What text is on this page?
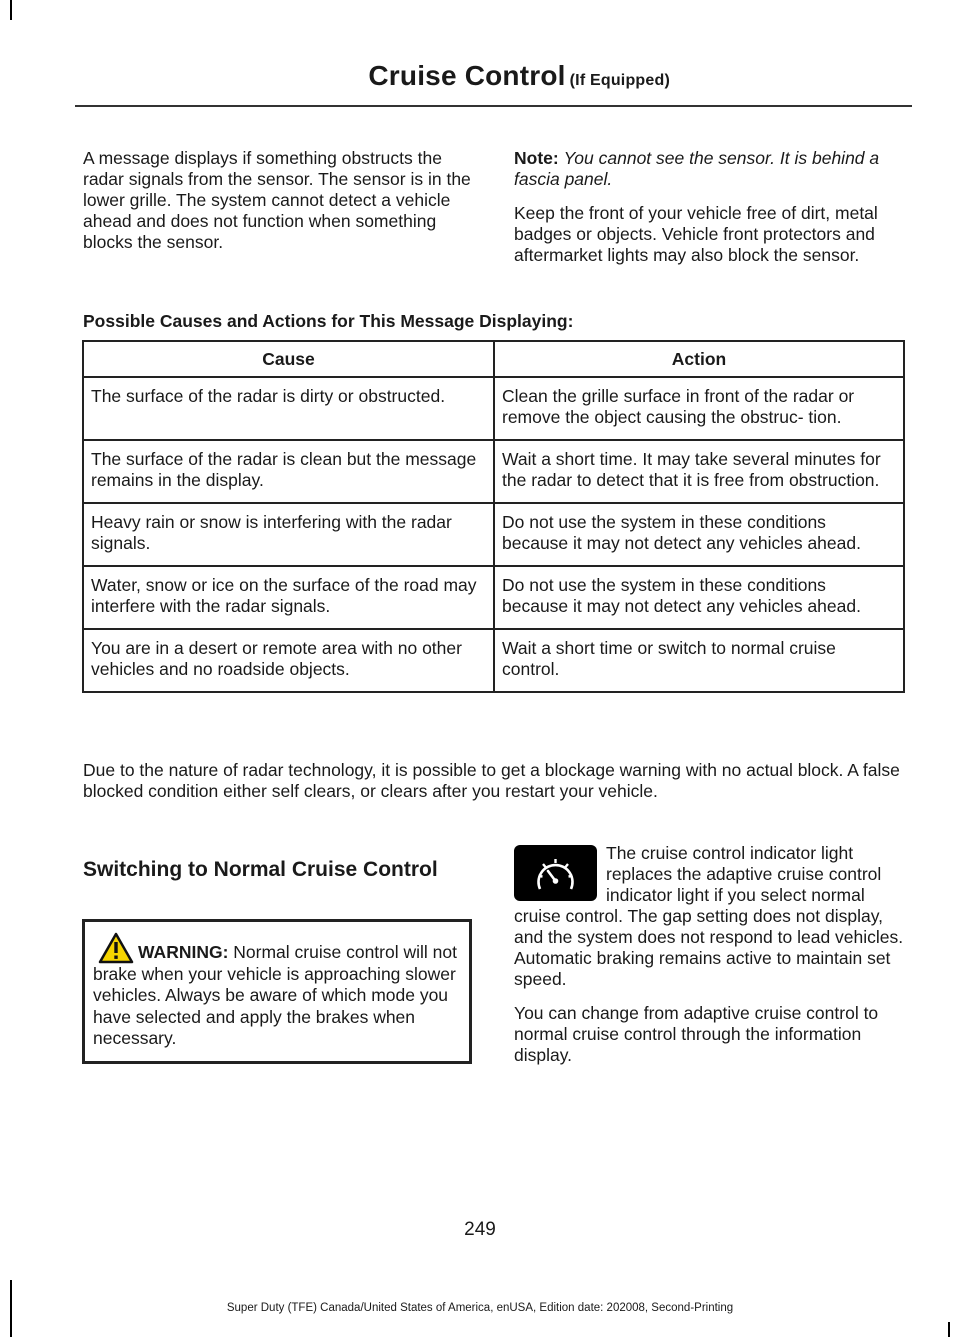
Cruise Control (If Equipped)

A message displays if something obstructs the radar signals from the sensor. The sensor is in the lower grille. The system cannot detect a vehicle ahead and does not function when something blocks the sensor.

Note: You cannot see the sensor. It is behind a fascia panel.

Keep the front of your vehicle free of dirt, metal badges or objects. Vehicle front protectors and aftermarket lights may also block the sensor.

Possible Causes and Actions for This Message Displaying:
Cause	Action
The surface of the radar is dirty or obstructed.	Clean the grille surface in front of the radar or remove the object causing the obstruc- tion.
The surface of the radar is clean but the message remains in the display.	Wait a short time. It may take several minutes for the radar to detect that it is free from obstruction.
Heavy rain or snow is interfering with the radar signals.	Do not use the system in these conditions because it may not detect any vehicles ahead.
Water, snow or ice on the surface of the road may interfere with the radar signals.	Do not use the system in these conditions because it may not detect any vehicles ahead.
You are in a desert or remote area with no other vehicles and no roadside objects.	Wait a short time or switch to normal cruise control.
Due to the nature of radar technology, it is possible to get a blockage warning with no actual block. A false blocked condition either self clears, or clears after you restart your vehicle.
Switching to Normal Cruise Control
WARNING: Normal cruise control will not brake when your vehicle is approaching slower vehicles. Always be aware of which mode you have selected and apply the brakes when necessary.

The cruise control indicator light replaces the adaptive cruise control indicator light if you select normal cruise control. The gap setting does not display, and the system does not respond to lead vehicles. Automatic braking remains active to maintain set speed.

You can change from adaptive cruise control to normal cruise control through the information display.

249
Super Duty (TFE) Canada/United States of America, enUSA, Edition date: 202008, Second-Printing
